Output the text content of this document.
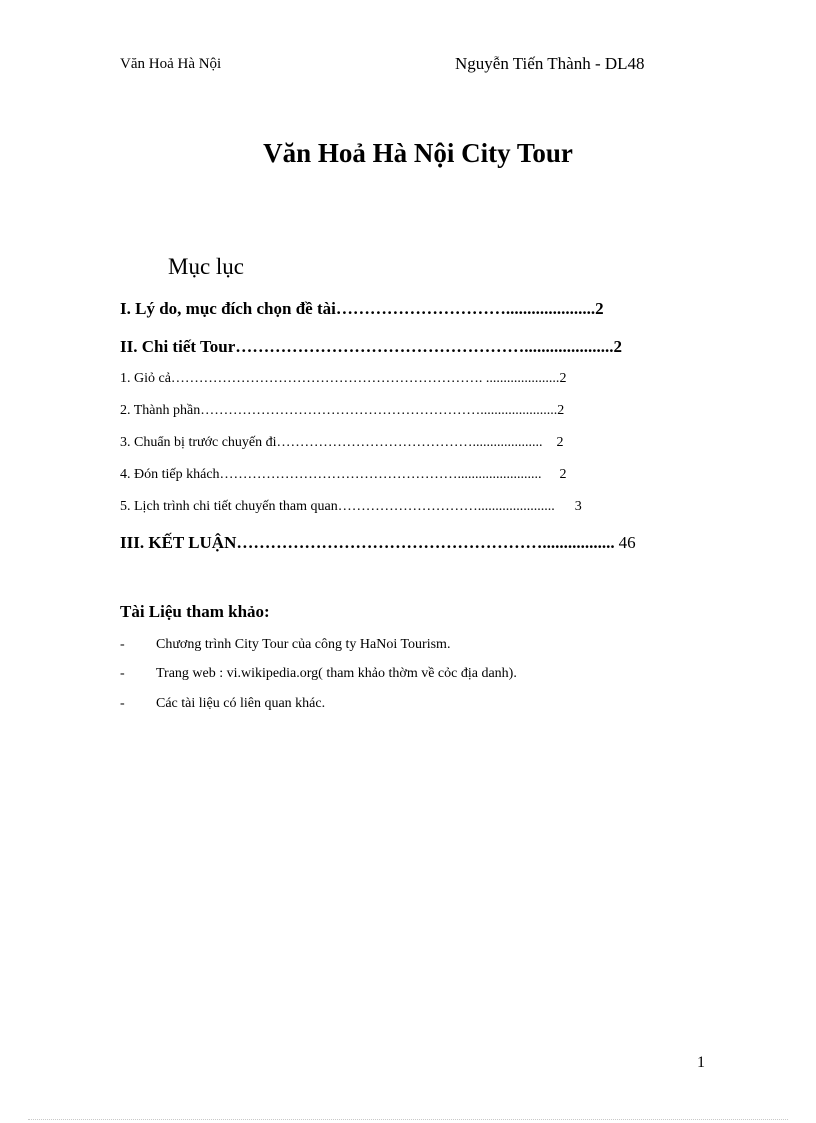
Văn Hoả Hà Nội	Nguyễn Tiến Thành - DL48
Văn Hoả Hà Nội City Tour
Mục lục
I. Lý do, mục đích chọn đề tài………………………….....................2
II. Chi tiết Tour…………………………………………….....................2
1. Giỏ cả…………………………………………………………. .....................2
2. Thành phần……………………………………………………......................2
3. Chuẩn bị trước chuyến đi…………………………………….................... 2
4. Đón tiếp khách……………………………………………........................ 2
5. Lịch trình chi tiết chuyến tham quan…………………………...................... 3
III. KẾT LUẬN………………………………………………................. 46
Tài Liệu tham khảo:
- Chương trình City Tour của công ty HaNoi Tourism.
- Trang web : vi.wikipedia.org( tham khảo thờm về cỏc địa danh).
- Các tài liệu có liên quan khác.
1
